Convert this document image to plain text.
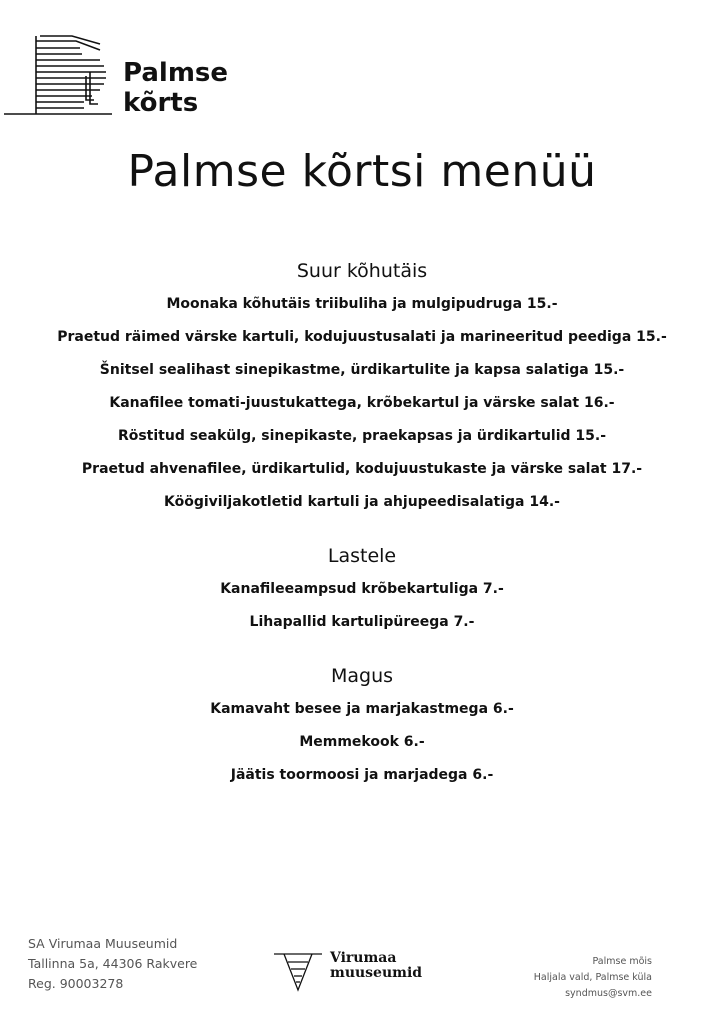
Palmse
kõrts
Palmse kõrtsi menüü
Suur kõhutäis
Moonaka kõhutäis triibuliha ja mulgipudruga 15.-
Praetud räimed värske kartuli, kodujuustusalati ja marineeritud peediga 15.-
Šnitsel sealihast sinepikastme, ürdikartulite ja kapsa salatiga 15.-
Kanafilee tomati-juustukattega, krõbekartul ja värske salat 16.-
Röstitud seakülg, sinepikaste, praekapsas ja ürdikartulid 15.-
Praetud ahvenafilee, ürdikartulid, kodujuustukaste ja värske salat 17.-
Köögiviljakotletid kartuli ja ahjupeedisalatiga 14.-
Lastele
Kanafileeampsud krõbekartuliga 7.-
Lihapallid kartulipüreega 7.-
Magus
Kamavaht besee ja marjakastmega 6.-
Memmekook 6.-
Jäätis toormoosi ja marjadega 6.-
SA Virumaa Muuseumid
Tallinna 5a, 44306 Rakvere
Reg. 90003278
Virumaa
muuseumid
Palmse mõis
Haljala vald, Palmse küla
syndmus@svm.ee
